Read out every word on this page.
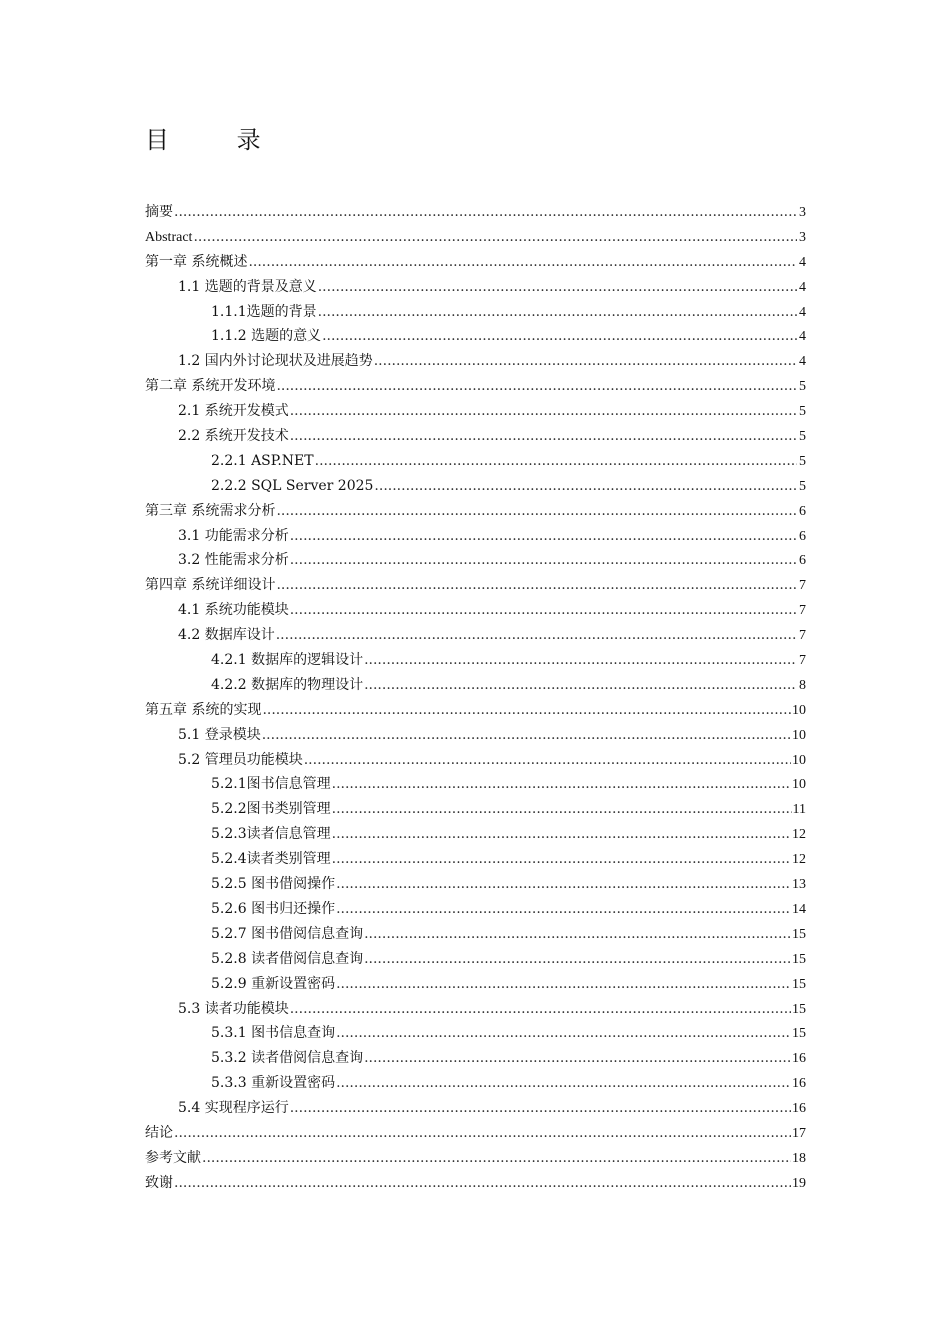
目 录
摘要 .....	3
Abstract .....	3
第一章 系统概述 .....	4
1.1 选题的背景及意义 .....	4
1.1.1选题的背景 .....	4
1.1.2 选题的意义 .....	4
1.2 国内外讨论现状及进展趋势 .....	4
第二章 系统开发环境 .....	5
2.1 系统开发模式 .....	5
2.2 系统开发技术 .....	5
2.2.1 ASP.NET .....	5
2.2.2 SQL Server 2025 .....	5
第三章 系统需求分析 .....	6
3.1 功能需求分析 .....	6
3.2 性能需求分析 .....	6
第四章 系统详细设计 .....	7
4.1 系统功能模块 .....	7
4.2 数据库设计 .....	7
4.2.1 数据库的逻辑设计 .....	7
4.2.2 数据库的物理设计 .....	8
第五章 系统的实现 .....	10
5.1 登录模块 .....	10
5.2 管理员功能模块 .....	10
5.2.1图书信息管理 .....	10
5.2.2图书类别管理 .....	11
5.2.3读者信息管理 .....	12
5.2.4读者类别管理 .....	12
5.2.5 图书借阅操作 .....	13
5.2.6 图书归还操作 .....	14
5.2.7 图书借阅信息查询 .....	15
5.2.8 读者借阅信息查询 .....	15
5.2.9 重新设置密码 .....	15
5.3 读者功能模块 .....	15
5.3.1 图书信息查询 .....	15
5.3.2 读者借阅信息查询 .....	16
5.3.3 重新设置密码 .....	16
5.4 实现程序运行 .....	16
结论 .....	17
参考文献 .....	18
致谢 .....	19
